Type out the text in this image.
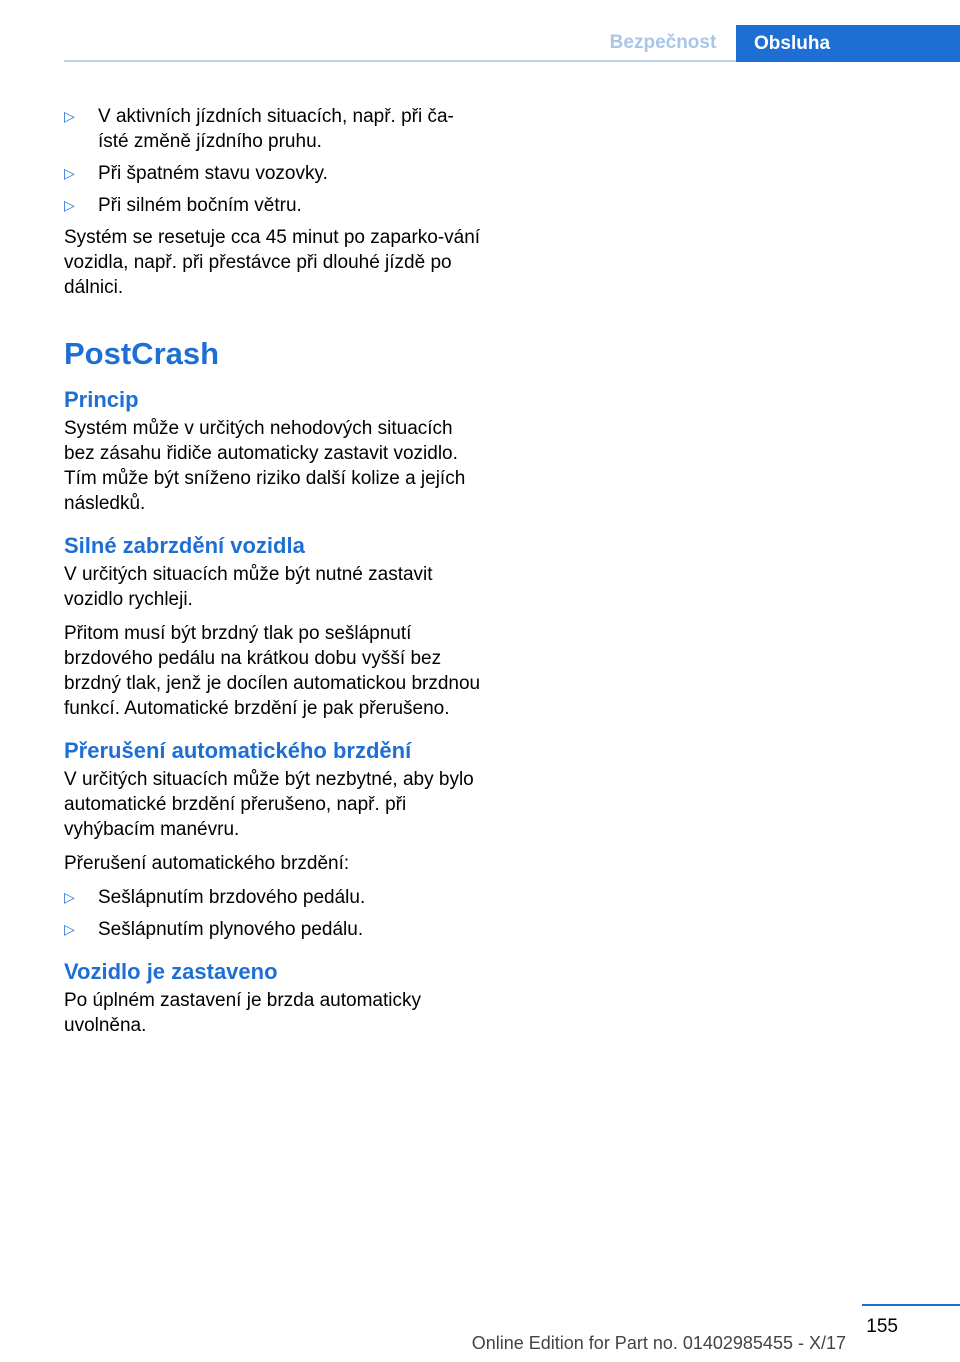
Bezpečnost	Obsluha
▷ V aktivních jízdních situacích, např. při ča-ísté změně jízdního pruhu.
▷ Při špatném stavu vozovky.
▷ Při silném bočním větru.

Systém se resetuje cca 45 minut po zaparko-vání vozidla, např. při přestávce při dlouhé jízdě po dálnici.

PostCrash
Princip

Systém může v určitých nehodových situacích bez zásahu řidiče automaticky zastavit vozidlo. Tím může být sníženo riziko další kolize a jejích následků.

Silné zabrzdění vozidla

V určitých situacích může být nutné zastavit vozidlo rychleji.

Přitom musí být brzdný tlak po sešlápnutí brzdového pedálu na krátkou dobu vyšší bez brzdný tlak, jenž je docílen automatickou brzdnou funkcí. Automatické brzdění je pak přerušeno.

Přerušení automatického brzdění

V určitých situacích může být nezbytné, aby bylo automatické brzdění přerušeno, např. při vyhýbacím manévru.

Přerušení automatického brzdění:

▷ Sešlápnutím brzdového pedálu.
▷ Sešlápnutím plynového pedálu.
Vozidlo je zastaveno

Po úplném zastavení je brzda automaticky uvolněna.

155
Online Edition for Part no. 01402985455 - X/17
